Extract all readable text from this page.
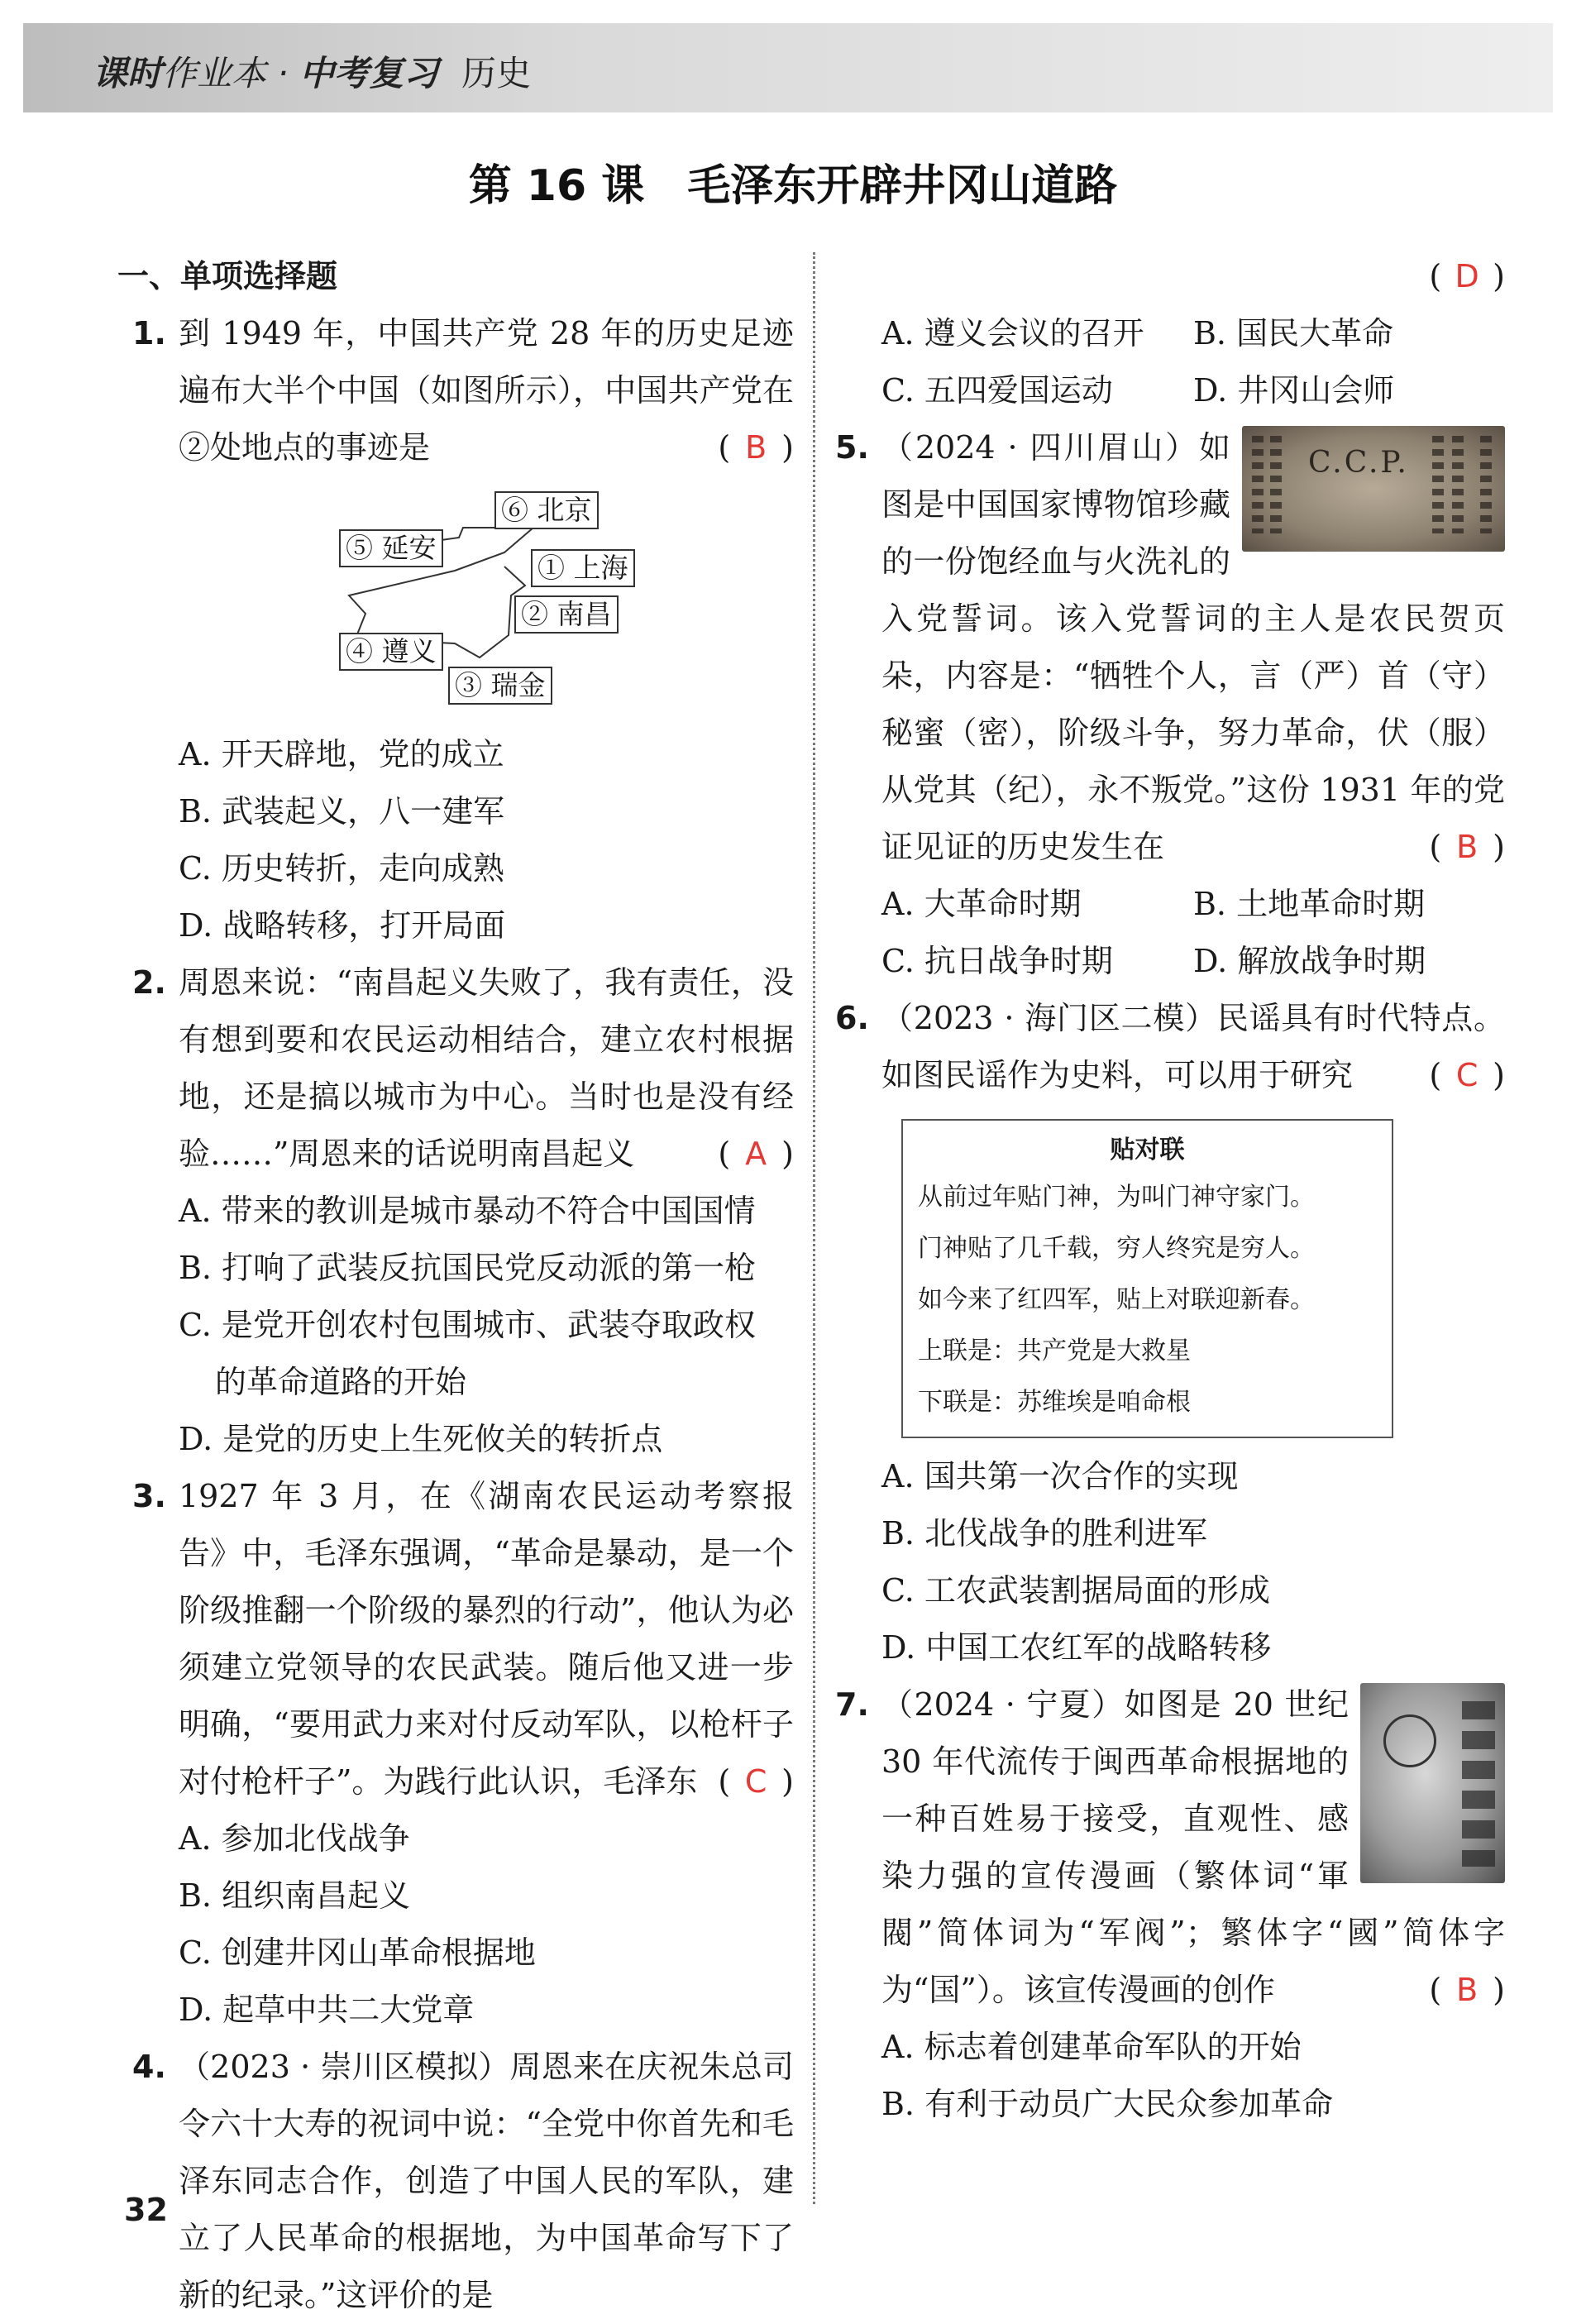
课时作业本 · 中考复习 历史
第 16 课　毛泽东开辟井冈山道路
一、单项选择题
1. 到 1949 年，中国共产党 28 年的历史足迹遍布大半个中国（如图所示），中国共产党在②处地点的事迹是	( B )
⑤ 延安
⑥ 北京
① 上海
② 南昌
④ 遵义
③ 瑞金
A. 开天辟地，党的成立
B. 武装起义，八一建军
C. 历史转折，走向成熟
D. 战略转移，打开局面
2. 周恩来说：“南昌起义失败了，我有责任，没有想到要和农民运动相结合，建立农村根据地，还是搞以城市为中心。当时也是没有经验……”周恩来的话说明南昌起义	( A )
A. 带来的教训是城市暴动不符合中国国情
B. 打响了武装反抗国民党反动派的第一枪
C. 是党开创农村包围城市、武装夺取政权
的革命道路的开始
D. 是党的历史上生死攸关的转折点
3. 1927 年 3 月，在《湖南农民运动考察报告》中，毛泽东强调，“革命是暴动，是一个阶级推翻一个阶级的暴烈的行动”，他认为必须建立党领导的农民武装。随后他又进一步明确，“要用武力来对付反动军队，以枪杆子对付枪杆子”。为践行此认识，毛泽东 ( C )
A. 参加北伐战争
B. 组织南昌起义
C. 创建井冈山革命根据地
D. 起草中共二大党章
4. （2023 · 崇川区模拟）周恩来在庆祝朱总司令六十大寿的祝词中说：“全党中你首先和毛泽东同志合作，创造了中国人民的军队，建立了人民革命的根据地，为中国革命写下了新的纪录。”这评价的是
( D )
A. 遵义会议的召开	B. 国民大革命
C. 五四爱国运动	D. 井冈山会师
5.	C.C.P.
（2024 · 四川眉山）如图是中国国家博物馆珍藏的一份饱经血与火洗礼的入党誓词。该入党誓词的主人是农民贺页朵，内容是：“牺牲个人，言（严）首（守）秘蜜（密），阶级斗争，努力革命，伏（服）从党其（纪），永不叛党。”这份 1931 年的党证见证的历史发生在	( B )
A. 大革命时期	B. 土地革命时期
C. 抗日战争时期	D. 解放战争时期
6. （2023 · 海门区二模）民谣具有时代特点。如图民谣作为史料，可以用于研究 ( C )
贴对联
从前过年贴门神，为叫门神守家门。
门神贴了几千载，穷人终究是穷人。
如今来了红四军，贴上对联迎新春。
上联是：共产党是大救星
下联是：苏维埃是咱命根
A. 国共第一次合作的实现
B. 北伐战争的胜利进军
C. 工农武装割据局面的形成
D. 中国工农红军的战略转移
7. （2024 · 宁夏）如图是 20 世纪 30 年代流传于闽西革命根据地的一种百姓易于接受，直观性、感染力强的宣传漫画（繁体词“軍閥”简体词为“军阀”；繁体字“國”简体字为“国”）。该宣传漫画的创作	( B )
A. 标志着创建革命军队的开始
B. 有利于动员广大民众参加革命
32
